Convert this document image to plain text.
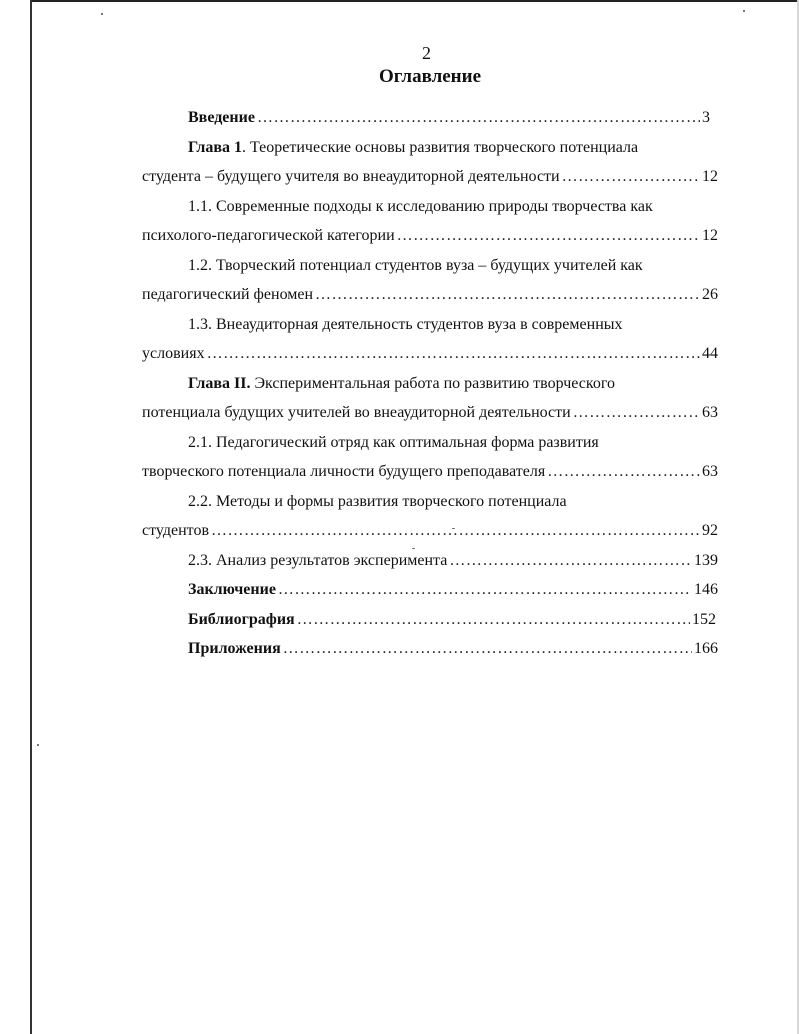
2
Оглавление
Введение …………………………………………………………………………………………………………	3
Глава 1. Теоретические основы развития творческого потенциала
студента – будущего учителя во внеаудиторной деятельности …………………………………………………………………………………………………………	12
1.1. Современные подходы к исследованию природы творчества как
психолого-педагогической категории …………………………………………………………………………………………………………	12
1.2. Творческий потенциал студентов вуза – будущих учителей как
педагогический феномен …………………………………………………………………………………………………………	26
1.3. Внеаудиторная деятельность студентов вуза в современных
условиях …………………………………………………………………………………………………………	44
Глава II. Экспериментальная работа по развитию творческого
потенциала будущих учителей во внеаудиторной деятельности …………………………………………………………………………………………………………	63
2.1. Педагогический отряд как оптимальная форма развития
творческого потенциала личности будущего преподавателя …………………………………………………………………………………………………………	63
2.2. Методы и формы развития творческого потенциала
студентов …………………………………………………………………………………………………………	92
2.3. Анализ результатов эксперимента …………………………………………………………………………………………………………	139
Заключение …………………………………………………………………………………………………………	146
Библиография …………………………………………………………………………………………………………	152
Приложения …………………………………………………………………………………………………………	166
